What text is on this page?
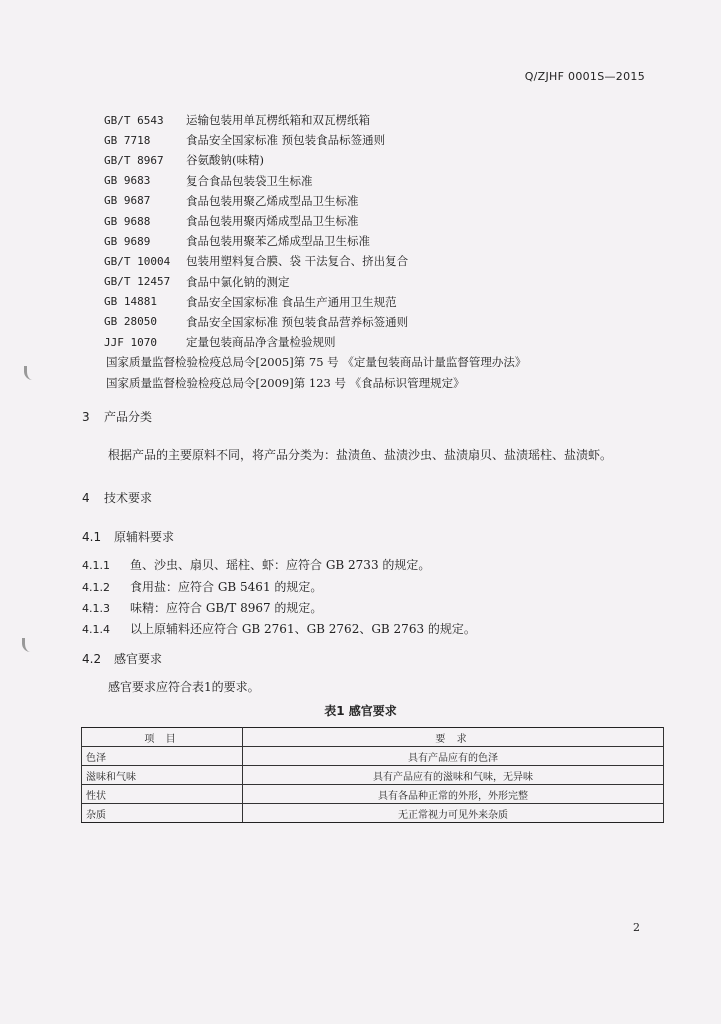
Q/ZJHF 0001S—2015
GB/T 6543	运输包装用单瓦楞纸箱和双瓦楞纸箱
GB 7718	食品安全国家标准 预包装食品标签通则
GB/T 8967	谷氨酸钠(味精)
GB 9683	复合食品包装袋卫生标准
GB 9687	食品包装用聚乙烯成型品卫生标准
GB 9688	食品包装用聚丙烯成型品卫生标准
GB 9689	食品包装用聚苯乙烯成型品卫生标准
GB/T 10004	包装用塑料复合膜、袋 干法复合、挤出复合
GB/T 12457	食品中氯化钠的测定
GB 14881	食品安全国家标准 食品生产通用卫生规范
GB 28050	食品安全国家标准 预包装食品营养标签通则
JJF 1070	定量包装商品净含量检验规则
国家质量监督检验检疫总局令[2005]第 75 号 《定量包装商品计量监督管理办法》
国家质量监督检验检疫总局令[2009]第 123 号 《食品标识管理规定》
3 产品分类
根据产品的主要原料不同，将产品分类为：盐渍鱼、盐渍沙虫、盐渍扇贝、盐渍瑶柱、盐渍虾。
4 技术要求
4.1 原辅料要求
4.1.1 鱼、沙虫、扇贝、瑶柱、虾：应符合 GB 2733 的规定。
4.1.2 食用盐：应符合 GB 5461 的规定。
4.1.3 味精：应符合 GB/T 8967 的规定。
4.1.4 以上原辅料还应符合 GB 2761、GB 2762、GB 2763 的规定。
4.2 感官要求
感官要求应符合表1的要求。
表1 感官要求
项 目	要 求
色泽	具有产品应有的色泽
滋味和气味	具有产品应有的滋味和气味，无异味
性状	具有各品种正常的外形，外形完整
杂质	无正常视力可见外来杂质
2
